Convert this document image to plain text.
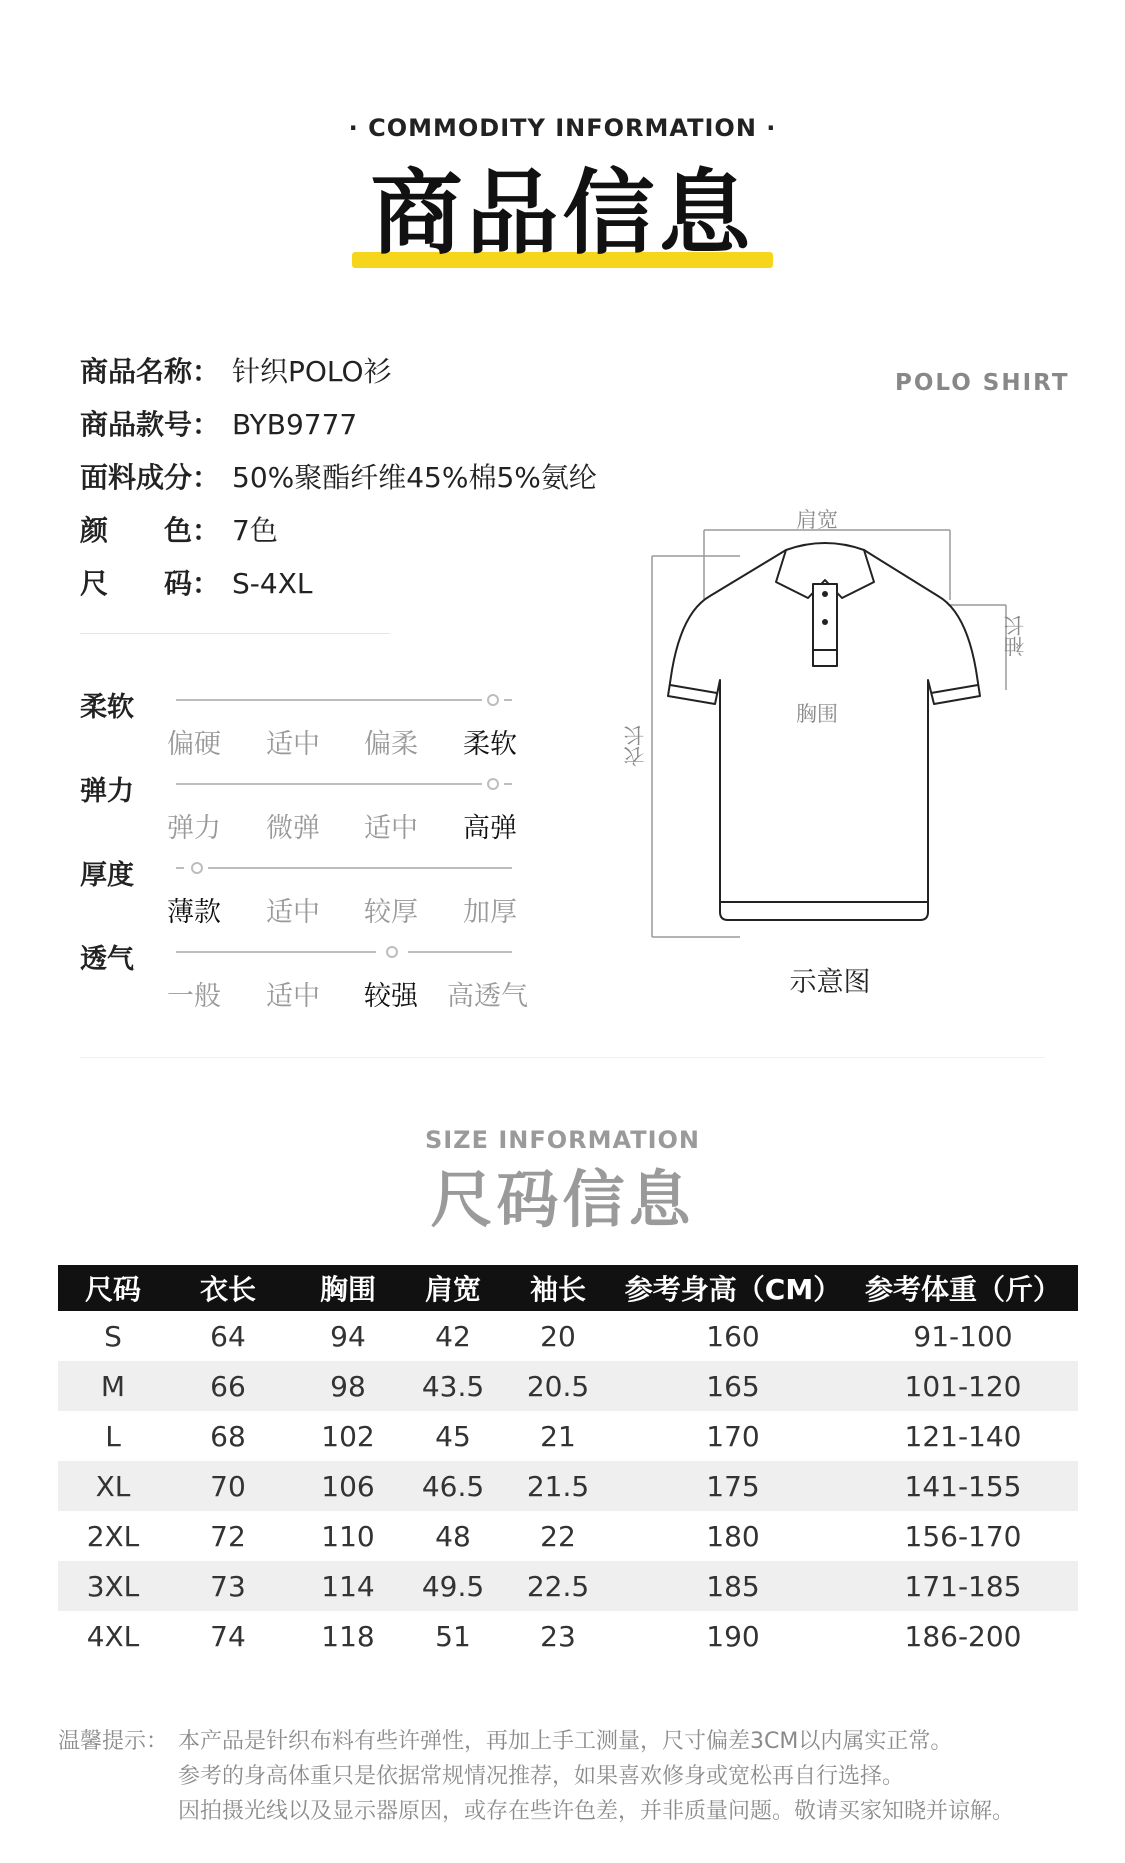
· COMMODITY INFORMATION ·
商品信息
商品名称： 针织POLO衫
商品款号： BYB9777
面料成分： 50%聚酯纤维45%棉5%氨纶
颜　　色： 7色
尺　　码： S-4XL
POLO SHIRT
柔软
偏硬 适中 偏柔 柔软
弹力
弹力 微弹 适中 高弹
厚度
薄款 适中 较厚 加厚
透气
一般 适中 较强 高透气
肩宽
袖长
胸围
衣长
示意图
SIZE INFORMATION
尺码信息
尺码	衣长	胸围	肩宽	袖长	参考身高（CM） 参考体重（斤）
S	64	94	42	20	160	91-100
M	66	98	43.5	20.5	165	101-120
L	68	102	45	21	170	121-140
XL	70	106	46.5	21.5	175	141-155
2XL	72	110	48	22	180	156-170
3XL	73	114	49.5	22.5	185	171-185
4XL	74	118	51	23	190	186-200
温馨提示： 本产品是针织布料有些许弹性，再加上手工测量，尺寸偏差3CM以内属实正常。
参考的身高体重只是依据常规情况推荐，如果喜欢修身或宽松再自行选择。
因拍摄光线以及显示器原因，或存在些许色差，并非质量问题。敬请买家知晓并谅解。
